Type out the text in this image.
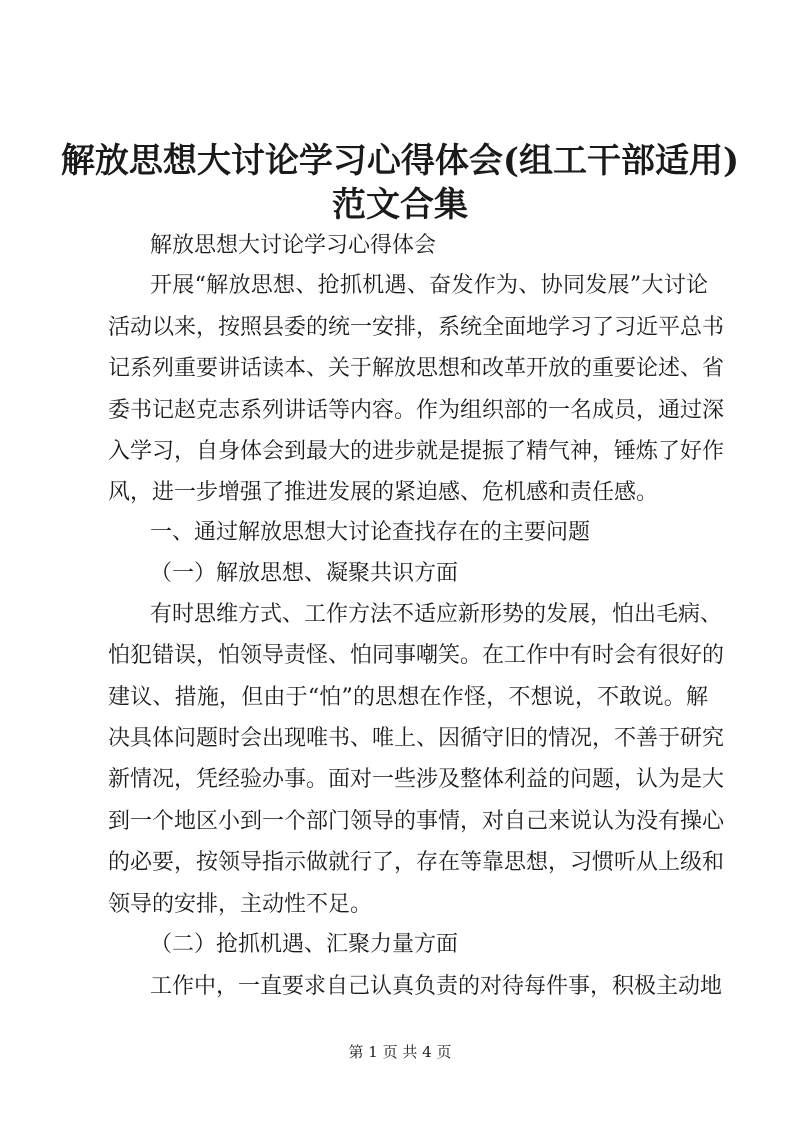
解放思想大讨论学习心得体会(组工干部适用)
范文合集

解放思想大讨论学习心得体会

开展“解放思想、抢抓机遇、奋发作为、协同发展”大讨论

活动以来，按照县委的统一安排，系统全面地学习了习近平总书

记系列重要讲话读本、关于解放思想和改革开放的重要论述、省

委书记赵克志系列讲话等内容。作为组织部的一名成员，通过深

入学习，自身体会到最大的进步就是提振了精气神，锤炼了好作

风，进一步增强了推进发展的紧迫感、危机感和责任感。

一、通过解放思想大讨论查找存在的主要问题

（一）解放思想、凝聚共识方面

有时思维方式、工作方法不适应新形势的发展，怕出毛病、

怕犯错误，怕领导责怪、怕同事嘲笑。在工作中有时会有很好的

建议、措施，但由于“怕”的思想在作怪，不想说，不敢说。解

决具体问题时会出现唯书、唯上、因循守旧的情况，不善于研究

新情况，凭经验办事。面对一些涉及整体利益的问题，认为是大

到一个地区小到一个部门领导的事情，对自己来说认为没有操心

的必要，按领导指示做就行了，存在等靠思想，习惯听从上级和

领导的安排，主动性不足。

（二）抢抓机遇、汇聚力量方面

工作中，一直要求自己认真负责的对待每件事，积极主动地

第 1 页 共 4 页
